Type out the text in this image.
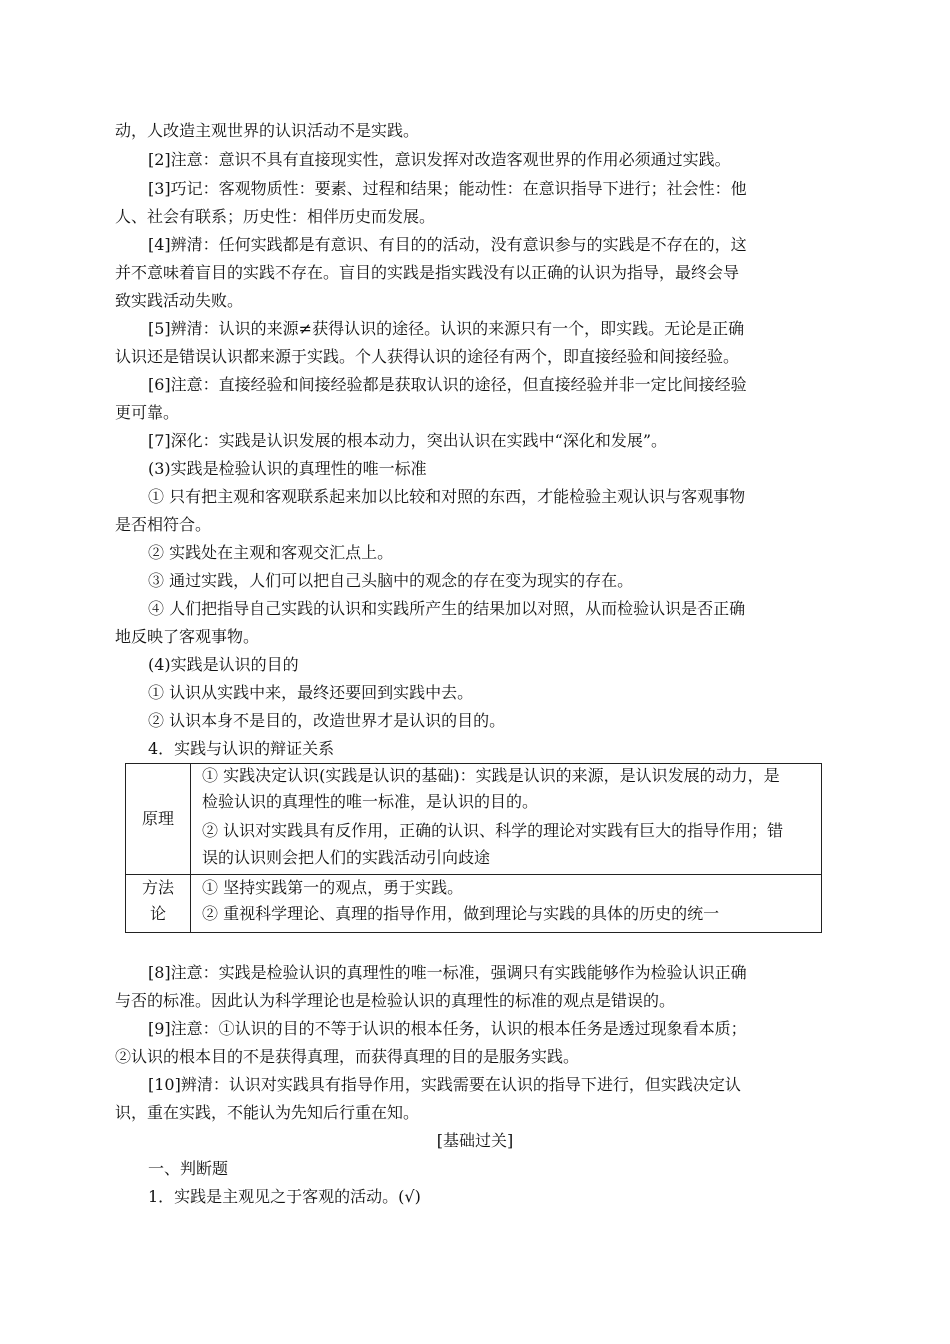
动，人改造主观世界的认识活动不是实践。
[2]注意：意识不具有直接现实性，意识发挥对改造客观世界的作用必须通过实践。
[3]巧记：客观物质性：要素、过程和结果；能动性：在意识指导下进行；社会性：他
人、社会有联系；历史性：相伴历史而发展。
[4]辨清：任何实践都是有意识、有目的的活动，没有意识参与的实践是不存在的，这
并不意味着盲目的实践不存在。盲目的实践是指实践没有以正确的认识为指导，最终会导
致实践活动失败。
[5]辨清：认识的来源≠获得认识的途径。认识的来源只有一个，即实践。无论是正确
认识还是错误认识都来源于实践。个人获得认识的途径有两个，即直接经验和间接经验。
[6]注意：直接经验和间接经验都是获取认识的途径，但直接经验并非一定比间接经验
更可靠。
[7]深化：实践是认识发展的根本动力，突出认识在实践中“深化和发展”。
(3)实践是检验认识的真理性的唯一标准
① 只有把主观和客观联系起来加以比较和对照的东西，才能检验主观认识与客观事物
是否相符合。
② 实践处在主观和客观交汇点上。
③ 通过实践，人们可以把自己头脑中的观念的存在变为现实的存在。
④ 人们把指导自己实践的认识和实践所产生的结果加以对照，从而检验认识是否正确
地反映了客观事物。
(4)实践是认识的目的
① 认识从实践中来，最终还要回到实践中去。
② 认识本身不是目的，改造世界才是认识的目的。
4．实践与认识的辩证关系
原理
① 实践决定认识(实践是认识的基础)：实践是认识的来源，是认识发展的动力，是
检验认识的真理性的唯一标准，是认识的目的。
② 认识对实践具有反作用，正确的认识、科学的理论对实践有巨大的指导作用；错
误的认识则会把人们的实践活动引向歧途
方法
论
① 坚持实践第一的观点，勇于实践。
② 重视科学理论、真理的指导作用，做到理论与实践的具体的历史的统一
[8]注意：实践是检验认识的真理性的唯一标准，强调只有实践能够作为检验认识正确
与否的标准。因此认为科学理论也是检验认识的真理性的标准的观点是错误的。
[9]注意：①认识的目的不等于认识的根本任务，认识的根本任务是透过现象看本质；
②认识的根本目的不是获得真理，而获得真理的目的是服务实践。
[10]辨清：认识对实践具有指导作用，实践需要在认识的指导下进行，但实践决定认
识，重在实践，不能认为先知后行重在知。
[基础过关]
一、判断题
1．实践是主观见之于客观的活动。(√)
